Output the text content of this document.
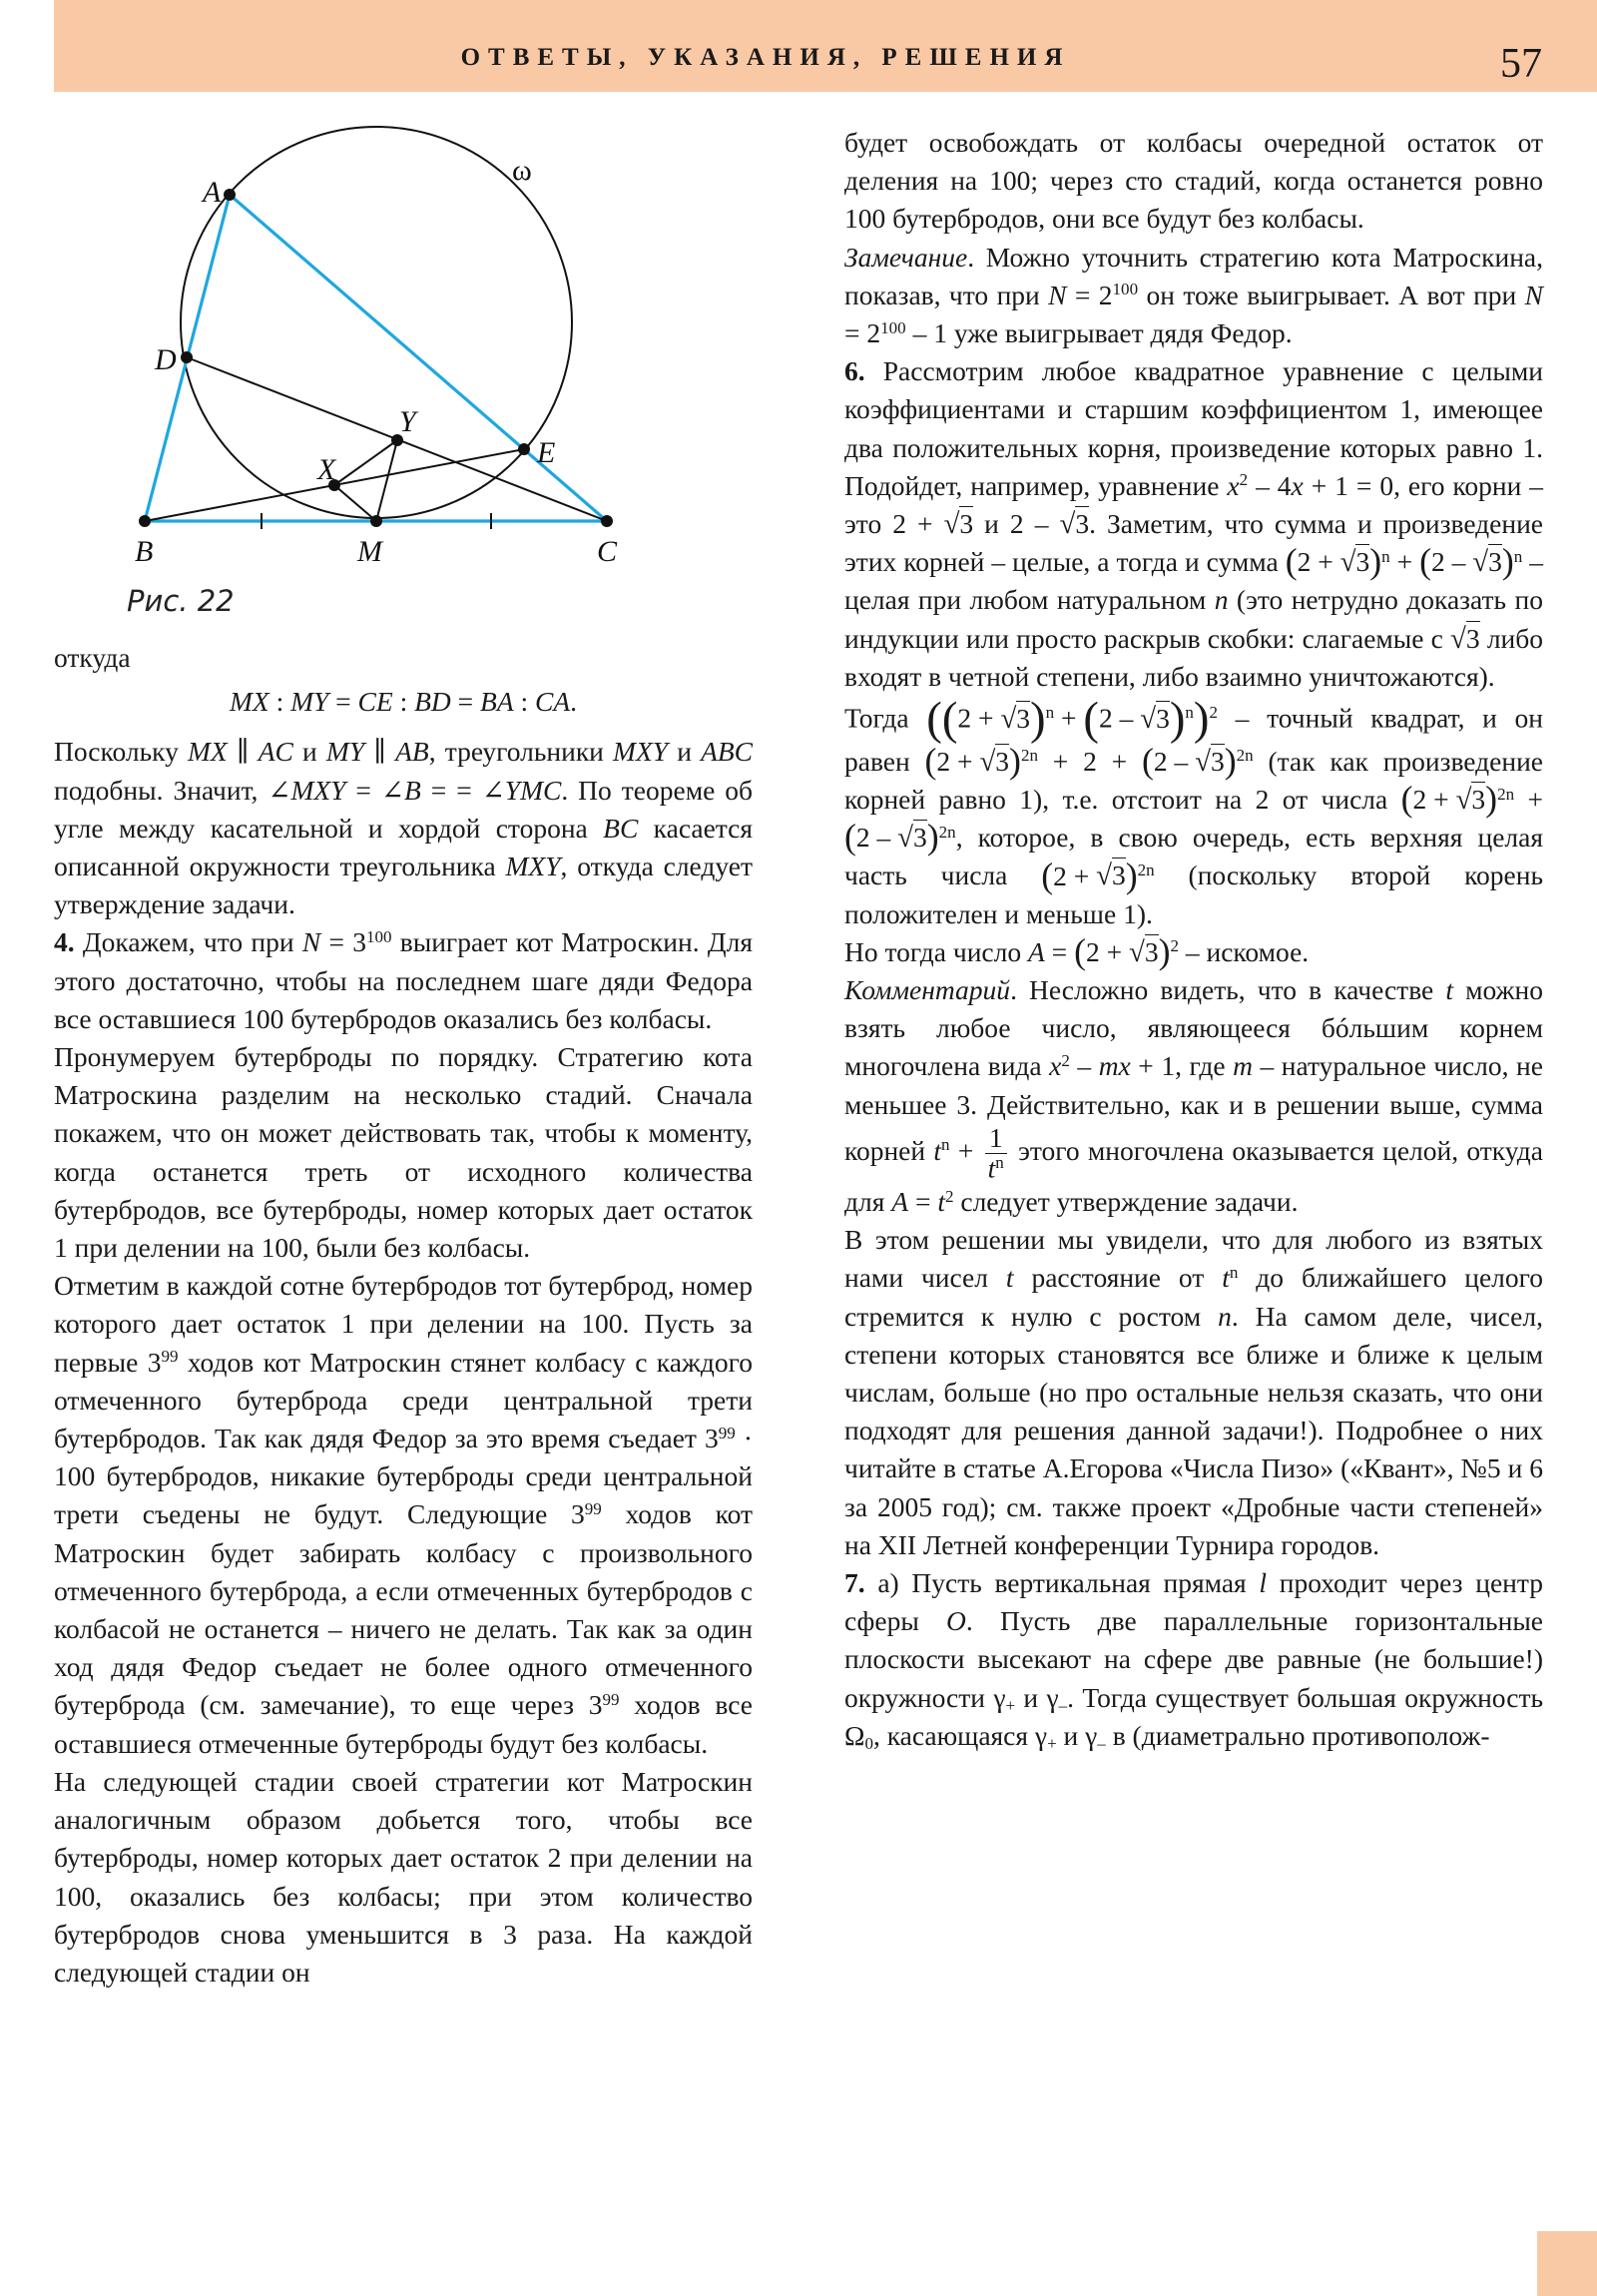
ОТВЕТЫ, УКАЗАНИЯ, РЕШЕНИЯ	57
A
B	C
M
D
E
X
Y
ω
Рис. 22

откуда

MX : MY = CE : BD = BA : CA.

Поскольку MX ∥ AC и MY ∥ AB, треугольники MXY и ABC подобны. Значит, ∠MXY = ∠B = = ∠YMC. По теореме об угле между касательной и хордой сторона BC касается описанной окружности треугольника MXY, откуда следует утверждение задачи.

4. Докажем, что при $N = 3^{100}$ выиграет кот Матроскин. Для этого достаточно, чтобы на последнем шаге дяди Федора все оставшиеся 100 бутербродов оказались без колбасы.

Пронумеруем бутерброды по порядку. Стратегию кота Матроскина разделим на несколько стадий. Сначала покажем, что он может действовать так, чтобы к моменту, когда останется треть от исходного количества бутербродов, все бутерброды, номер которых дает остаток 1 при делении на 100, были без колбасы.

Отметим в каждой сотне бутербродов тот бутерброд, номер которого дает остаток 1 при делении на 100. Пусть за первые $3^{99}$ ходов кот Матроскин стянет колбасу с каждого отмеченного бутерброда среди центральной трети бутербродов. Так как дядя Федор за это время съедает $3^{99} \cdot 100$ бутербродов, никакие бутерброды среди центральной трети съедены не будут. Следующие $3^{99}$ ходов кот Матроскин будет забирать колбасу с произвольного отмеченного бутерброда, а если отмеченных бутербродов с колбасой не останется – ничего не делать. Так как за один ход дядя Федор съедает не более одного отмеченного бутерброда (см. замечание), то еще через $3^{99}$ ходов все оставшиеся отмеченные бутерброды будут без колбасы.

На следующей стадии своей стратегии кот Матроскин аналогичным образом добьется того, чтобы все бутерброды, номер которых дает остаток 2 при делении на 100, оказались без колбасы; при этом количество бутербродов снова уменьшится в 3 раза. На каждой следующей стадии он

будет освобождать от колбасы очередной остаток от деления на 100; через сто стадий, когда останется ровно 100 бутербродов, они все будут без колбасы.

Замечание. Можно уточнить стратегию кота Матроскина, показав, что при $N = 2^{100}$ он тоже выигрывает. А вот при $N = 2^{100} - 1$ уже выигрывает дядя Федор.

6. Рассмотрим любое квадратное уравнение с целыми коэффициентами и старшим коэффициентом 1, имеющее два положительных корня, произведение которых равно 1. Подойдет, например, уравнение $x^2 - 4x + 1 = 0$, его корни – это 2 + √3 и 2 – √3. Заметим, что сумма и произведение этих корней – целые, а тогда и сумма $(2 + √3)^n + (2 - √3)^n$ – целая при любом натуральном n (это нетрудно доказать по индукции или просто раскрыв скобки: слагаемые с √3 либо входят в четной степени, либо взаимно уничтожаются).

Тогда $((2 + √3)^n + (2 - √3)^n)^2$ – точный квадрат, и он равен $(2 + √3)^{2n} + 2 + (2 - √3)^{2n}$ (так как произведение корней равно 1), т.е. отстоит на 2 от числа $(2 + √3)^{2n} + (2 - √3)^{2n}$, которое, в свою очередь, есть верхняя целая часть числа $(2 + √3)^{2n}$ (поскольку второй корень положителен и меньше 1).

Но тогда число $A = (2 + √3)^2$ – искомое.

Комментарий. Несложно видеть, что в качестве t можно взять любое число, являющееся бóльшим корнем многочлена вида $x^2$ – mx + 1, где m – натуральное число, не меньшее 3. Действительно, как и в решении выше, сумма корней $t^n + \frac{1}{t^n}$ этого многочлена оказывается целой, откуда для $A = t^2$ следует утверждение задачи.

В этом решении мы увидели, что для любого из взятых нами чисел t расстояние от $t^n$ до ближайшего целого стремится к нулю с ростом n. На самом деле, чисел, степени которых становятся все ближе и ближе к целым числам, больше (но про остальные нельзя сказать, что они подходят для решения данной задачи!). Подробнее о них читайте в статье А.Егорова «Числа Пизо» («Квант», №5 и 6 за 2005 год); см. также проект «Дробные части степеней» на XII Летней конференции Турнира городов.

7. а) Пусть вертикальная прямая l проходит через центр сферы O. Пусть две параллельные горизонтальные плоскости высекают на сфере две равные (не большие!) окружности $\gamma_+$ и $\gamma_-$. Тогда существует большая окружность $\Omega_0$, касающаяся $\gamma_+$ и $\gamma_-$ в (диаметрально противополож-
